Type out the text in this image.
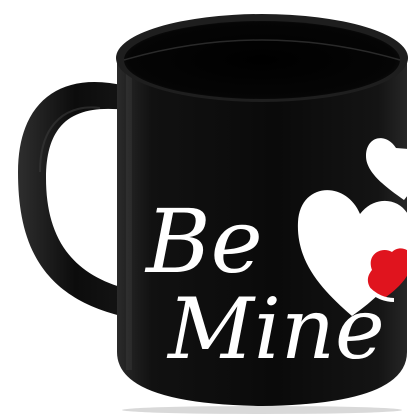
Be
Mine
